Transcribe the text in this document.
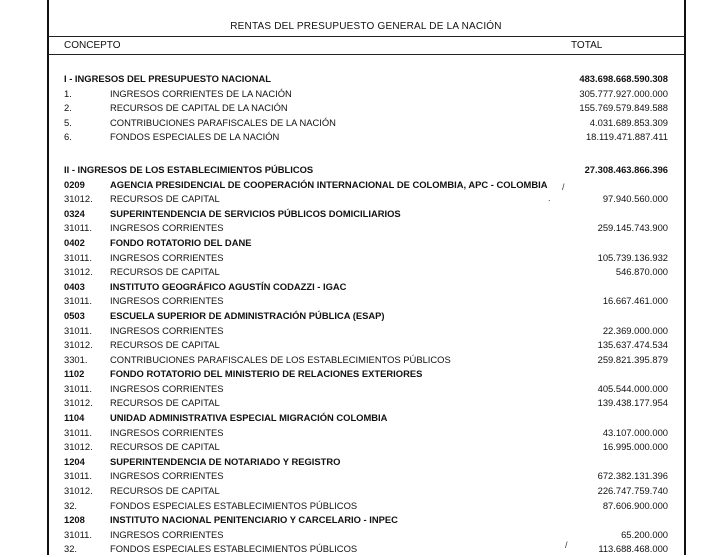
RENTAS DEL PRESUPUESTO GENERAL DE LA NACIÓN
CONCEPTO	TOTAL
I - INGRESOS DEL PRESUPUESTO NACIONAL	483.698.668.590.308
1.	INGRESOS CORRIENTES DE LA NACIÓN	305.777.927.000.000
2.	RECURSOS DE CAPITAL DE LA NACIÓN	155.769.579.849.588
5.	CONTRIBUCIONES PARAFISCALES DE LA NACIÓN	4.031.689.853.309
6.	FONDOS ESPECIALES DE LA NACIÓN	18.119.471.887.411
II - INGRESOS DE LOS ESTABLECIMIENTOS PÚBLICOS	27.308.463.866.396
0209	AGENCIA PRESIDENCIAL DE COOPERACIÓN INTERNACIONAL DE COLOMBIA, APC - COLOMBIA
31012. RECURSOS DE CAPITAL	97.940.560.000
0324	SUPERINTENDENCIA DE SERVICIOS PÚBLICOS DOMICILIARIOS
31011. INGRESOS CORRIENTES	259.145.743.900
0402	FONDO ROTATORIO DEL DANE
31011. INGRESOS CORRIENTES	105.739.136.932
31012. RECURSOS DE CAPITAL	546.870.000
0403	INSTITUTO GEOGRÁFICO AGUSTÍN CODAZZI - IGAC
31011. INGRESOS CORRIENTES	16.667.461.000
0503	ESCUELA SUPERIOR DE ADMINISTRACIÓN PÚBLICA (ESAP)
31011. INGRESOS CORRIENTES	22.369.000.000
31012. RECURSOS DE CAPITAL	135.637.474.534
3301. CONTRIBUCIONES PARAFISCALES DE LOS ESTABLECIMIENTOS PÚBLICOS	259.821.395.879
1102	FONDO ROTATORIO DEL MINISTERIO DE RELACIONES EXTERIORES
31011. INGRESOS CORRIENTES	405.544.000.000
31012. RECURSOS DE CAPITAL	139.438.177.954
1104	UNIDAD ADMINISTRATIVA ESPECIAL MIGRACIÓN COLOMBIA
31011. INGRESOS CORRIENTES	43.107.000.000
31012. RECURSOS DE CAPITAL	16.995.000.000
1204	SUPERINTENDENCIA DE NOTARIADO Y REGISTRO
31011. INGRESOS CORRIENTES	672.382.131.396
31012. RECURSOS DE CAPITAL	226.747.759.740
32.	FONDOS ESPECIALES ESTABLECIMIENTOS PÚBLICOS	87.606.900.000
1208	INSTITUTO NACIONAL PENITENCIARIO Y CARCELARIO - INPEC
31011. INGRESOS CORRIENTES	65.200.000
32.	FONDOS ESPECIALES ESTABLECIMIENTOS PÚBLICOS	113.688.468.000
/
.
/
